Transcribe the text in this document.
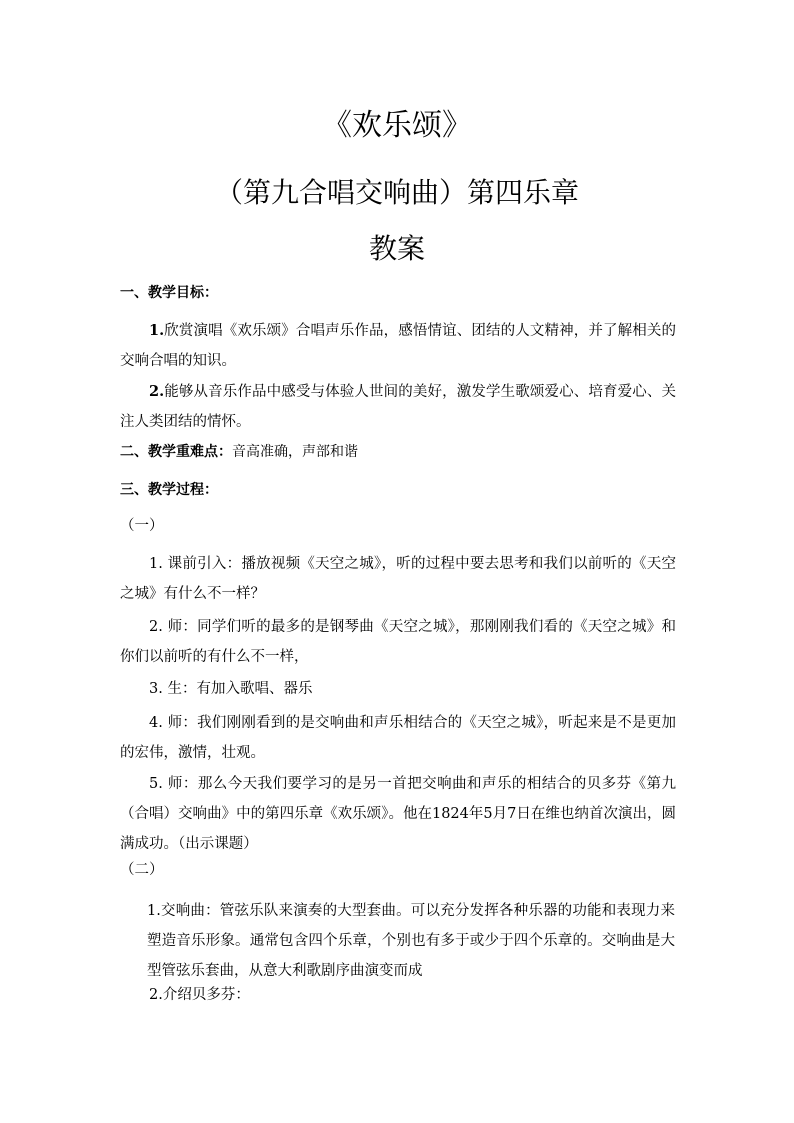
《欢乐颂》
（第九合唱交响曲）第四乐章
教案
一、教学目标：
1.欣赏演唱《欢乐颂》合唱声乐作品，感悟情谊、团结的人文精神，并了解相关的交响合唱的知识。
2.能够从音乐作品中感受与体验人世间的美好，激发学生歌颂爱心、培育爱心、关注人类团结的情怀。
二、教学重难点：音高准确，声部和谐
三、教学过程：
（一）
1. 课前引入：播放视频《天空之城》，听的过程中要去思考和我们以前听的《天空之城》有什么不一样？
2. 师：同学们听的最多的是钢琴曲《天空之城》，那刚刚我们看的《天空之城》和你们以前听的有什么不一样，
3. 生：有加入歌唱、器乐
4. 师：我们刚刚看到的是交响曲和声乐相结合的《天空之城》，听起来是不是更加的宏伟，激情，壮观。
5. 师：那么今天我们要学习的是另一首把交响曲和声乐的相结合的贝多芬《第九（合唱）交响曲》中的第四乐章《欢乐颂》。他在1824年5月7日在维也纳首次演出，圆满成功。（出示课题）
（二）
1.交响曲：管弦乐队来演奏的大型套曲。可以充分发挥各种乐器的功能和表现力来塑造音乐形象。通常包含四个乐章，个别也有多于或少于四个乐章的。交响曲是大型管弦乐套曲，从意大利歌剧序曲演变而成
2.介绍贝多芬：
